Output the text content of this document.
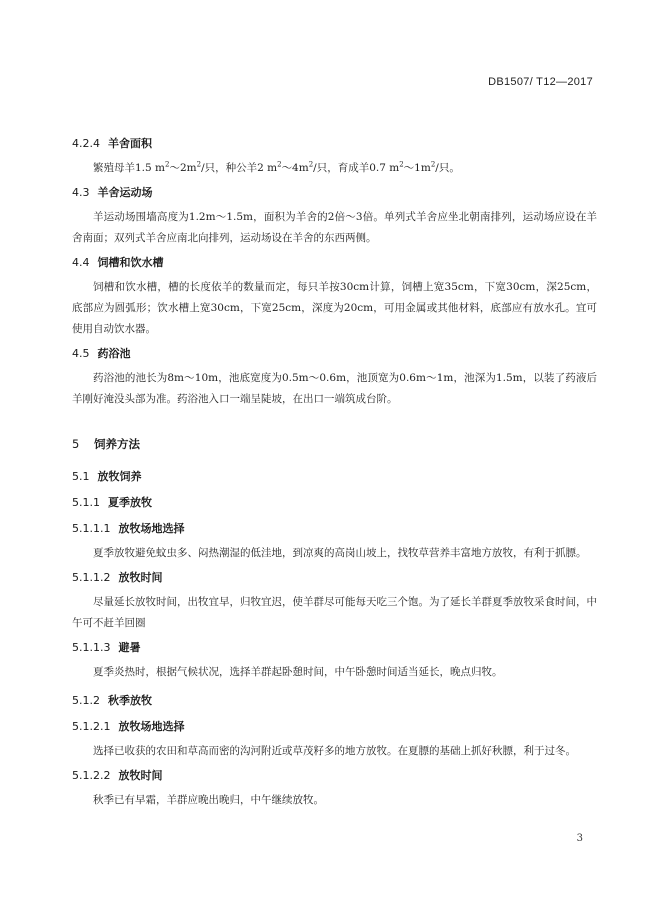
DB1507/ T12—2017
4.2.4 羊舍面积

繁殖母羊1.5 $m^2\sim 2m^2/$只，种公羊2 $m^2\sim 4m^2/$只，育成羊0.7 $m^2\sim 1m^2/$只。

4.3 羊舍运动场

羊运动场围墙高度为1.2m～1.5m，面积为羊舍的2倍～3倍。单列式羊舍应坐北朝南排列，运动场应设在羊舍南面；双列式羊舍应南北向排列，运动场设在羊舍的东西两侧。

4.4 饲槽和饮水槽

饲槽和饮水槽，槽的长度依羊的数量而定，每只羊按30cm计算，饲槽上宽35cm，下宽30cm，深25cm，底部应为圆弧形；饮水槽上宽30cm，下宽25cm，深度为20cm，可用金属或其他材料，底部应有放水孔。宜可使用自动饮水器。

4.5 药浴池

药浴池的池长为8m～10m，池底宽度为0.5m～0.6m，池顶宽为0.6m～1m，池深为1.5m，以装了药液后羊刚好淹没头部为准。药浴池入口一端呈陡坡，在出口一端筑成台阶。

5 饲养方法
5.1 放牧饲养
5.1.1 夏季放牧
5.1.1.1 放牧场地选择

夏季放牧避免蚊虫多、闷热潮湿的低洼地，到凉爽的高岗山坡上，找牧草营养丰富地方放牧，有利于抓膘。

5.1.1.2 放牧时间

尽量延长放牧时间，出牧宜早，归牧宜迟，使羊群尽可能每天吃三个饱。为了延长羊群夏季放牧采食时间，中午可不赶羊回圈

5.1.1.3 避暑

夏季炎热时，根据气候状况，选择羊群起卧憩时间，中午卧憩时间适当延长，晚点归牧。

5.1.2 秋季放牧
5.1.2.1 放牧场地选择

选择已收获的农田和草高而密的沟河附近或草茂籽多的地方放牧。在夏膘的基础上抓好秋膘，利于过冬。

5.1.2.2 放牧时间

秋季已有早霜，羊群应晚出晚归，中午继续放牧。

3
